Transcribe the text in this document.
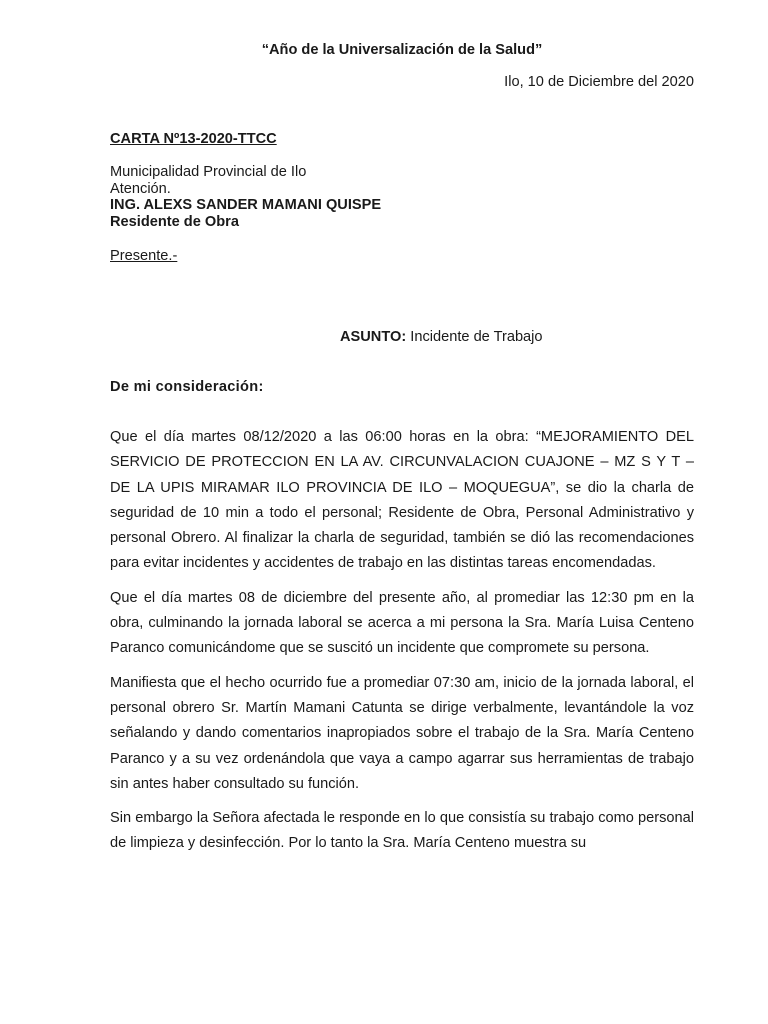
“Año de la Universalización de la Salud”
Ilo, 10 de Diciembre del 2020
CARTA Nº13-2020-TTCC
Municipalidad Provincial de Ilo
Atención.
ING. ALEXS SANDER MAMANI QUISPE
Residente de Obra
Presente.-
ASUNTO: Incidente de Trabajo
De mi consideración:

Que el día martes 08/12/2020 a las 06:00 horas en la obra: “MEJORAMIENTO DEL SERVICIO DE PROTECCION EN LA AV. CIRCUNVALACION CUAJONE – MZ S Y T – DE LA UPIS MIRAMAR ILO PROVINCIA DE ILO – MOQUEGUA”, se dio la charla de seguridad de 10 min a todo el personal; Residente de Obra, Personal Administrativo y personal Obrero. Al finalizar la charla de seguridad, también se dió las recomendaciones para evitar incidentes y accidentes de trabajo en las distintas tareas encomendadas.

Que el día martes 08 de diciembre del presente año, al promediar las 12:30 pm en la obra, culminando la jornada laboral se acerca a mi persona la Sra. María Luisa Centeno Paranco comunicándome que se suscitó un incidente que compromete su persona.

Manifiesta que el hecho ocurrido fue a promediar 07:30 am, inicio de la jornada laboral, el personal obrero Sr. Martín Mamani Catunta se dirige verbalmente, levantándole la voz señalando y dando comentarios inapropiados sobre el trabajo de la Sra. María Centeno Paranco y a su vez ordenándola que vaya a campo agarrar sus herramientas de trabajo sin antes haber consultado su función.

Sin embargo la Señora afectada le responde en lo que consistía su trabajo como personal de limpieza y desinfección. Por lo tanto la Sra. María Centeno muestra su
